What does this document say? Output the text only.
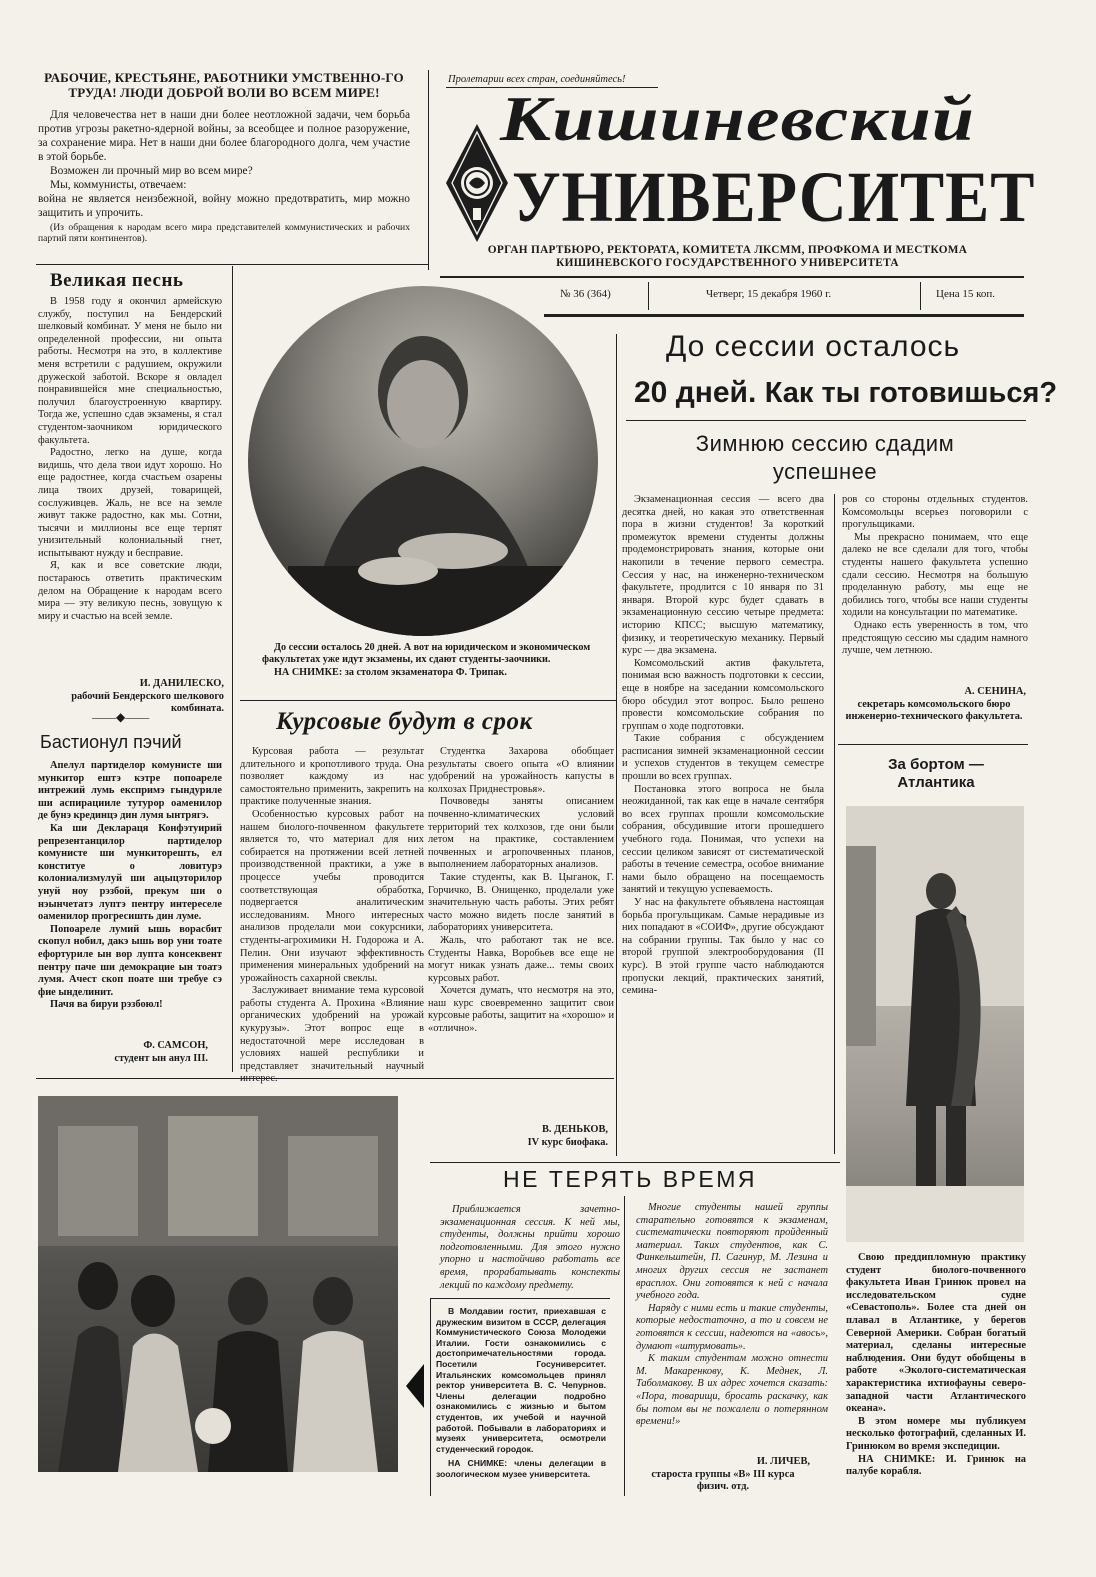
РАБОЧИЕ, КРЕСТЬЯНЕ, РАБОТНИКИ УМСТВЕННО-ГО ТРУДА! ЛЮДИ ДОБРОЙ ВОЛИ ВО ВСЕМ МИРЕ!

Для человечества нет в наши дни более неотложной задачи, чем борьба против угрозы ракетно-ядерной войны, за всеобщее и полное разоружение, за сохранение мира. Нет в наши дни более благородного долга, чем участие в этой борьбе.

Возможен ли прочный мир во всем мире?

Мы, коммунисты, отвечаем:

война не является неизбежной, войну можно предотвратить, мир можно защитить и упрочить.

(Из обращения к народам всего мира представителей коммунистических и рабочих партий пяти континентов).

Пролетарии всех стран, соединяйтесь!
Кишиневский
УНИВЕРСИТЕТ
ОРГАН ПАРТБЮРО, РЕКТОРАТА, КОМИТЕТА ЛКСММ, ПРОФКОМА И МЕСТКОМА КИШИНЕВСКОГО ГОСУДАРСТВЕННОГО УНИВЕРСИТЕТА
№ 36 (364)	Четверг, 15 декабря 1960 г.	Цена 15 коп.
Великая песнь

В 1958 году я окончил армейскую службу, поступил на Бендерский шелковый комбинат. У меня не было ни определенной профессии, ни опыта работы. Несмотря на это, в коллективе меня встретили с радушием, окружили дружеской заботой. Вскоре я овладел понравившейся мне специальностью, получил благоустроенную квартиру. Тогда же, успешно сдав экзамены, я стал студентом-заочником юридического факультета.

Радостно, легко на душе, когда видишь, что дела твои идут хорошо. Но еще радостнее, когда счастьем озарены лица твоих друзей, товарищей, сослуживцев. Жаль, не все на земле живут также радостно, как мы. Сотни, тысячи и миллионы все еще терпят унизительный колониальный гнет, испытывают нужду и бесправие.

Я, как и все советские люди, постараюсь ответить практическим делом на Обращение к народам всего мира — эту великую песнь, зовущую к миру и счастью на всей земле.

И. ДАНИЛЕСКО,
рабочий Бендерского шелкового комбината.
——◆——
Бастионул пэчий

Апелул партиделор комунисте ши мункитор ештэ кэтре попоареле интрежий лумь експримэ гындуриле ши аспирацииле тутурор оаменилор де бунэ крединцэ дин лумя ынтрягэ.

Ка ши Деклараця Конфэтуирий репрезентанцилор партиделор комунисте ши мункиторешть, ел конституе о ловитурэ колониализмулуй ши ацыцэторилор унуй ноу рэзбой, прекум ши о нэынчетатэ луптэ пентру интереселе оаменилор прогресишть дин луме.

Попоареле лумий ышь ворасбит скопул нобил, дакэ ышь вор уни тоате ефортуриле ын вор лупта консеквент пентру паче ши демокрацие ын тоатэ лумя. Ачест скоп поате ши требуе сэ фие ынделинит.

Пачя ва бируи рэзбоюл!

Ф. САМСОН,
студент ын анул III.
До сессии осталось 20 дней. А вот на юридическом и экономическом факультетах уже идут экзамены, их сдают студенты-заочники.
НА СНИМКЕ: за столом экзаменатора Ф. Трипак.
До сессии осталось
20 дней. Как ты готовишься?
Зимнюю сессию сдадим
успешнее

Экзаменационная сессия — всего два десятка дней, но какая это ответственная пора в жизни студентов! За короткий промежуток времени студенты должны продемонстрировать знания, которые они накопили в течение первого семестра. Сессия у нас, на инженерно-техническом факультете, продлится с 10 января по 31 января. Второй курс будет сдавать в экзаменационную сессию четыре предмета: историю КПСС; высшую математику, физику, и теоретическую механику. Первый курс — два экзамена.

Комсомольский актив факультета, понимая всю важность подготовки к сессии, еще в ноябре на заседании комсомольского бюро обсудил этот вопрос. Было решено провести комсомольские собрания по группам о ходе подготовки.

Такие собрания с обсуждением расписания зимней экзаменационной сессии и успехов студентов в текущем семестре прошли во всех группах.

Постановка этого вопроса не была неожиданной, так как еще в начале сентября во всех группах прошли комсомольские собрания, обсудившие итоги прошедшего учебного года. Понимая, что успехи на сессии целиком зависят от систематической работы в течение семестра, особое внимание нами было обращено на посещаемость занятий и текущую успеваемость.

У нас на факультете объявлена настоящая борьба прогульщикам. Самые нерадивые из них попадают в «СОИФ», другие обсуждают на собрании группы. Так было у нас со второй группой электрооборудования (II курс). В этой группе часто наблюдаются пропуски лекций, практических занятий, семина-

ров со стороны отдельных студентов. Комсомольцы всерьез поговорили с прогульщиками.

Мы прекрасно понимаем, что еще далеко не все сделали для того, чтобы студенты нашего факультета успешно сдали сессию. Несмотря на большую проделанную работу, мы еще не добились того, чтобы все наши студенты ходили на консультации по математике.

Однако есть уверенность в том, что предстоящую сессию мы сдадим намного лучше, чем летнюю.

А. СЕНИНА,
секретарь комсомольского бюро инженерно-технического факультета.
Курсовые будут в срок

Курсовая работа — результат длительного и кропотливого труда. Она позволяет каждому из нас самостоятельно применить, закрепить на практике полученные знания.

Особенностью курсовых работ на нашем биолого-почвенном факультете является то, что материал для них собирается на протяжении всей летней производственной практики, а уже в процессе учебы проводится соответствующая обработка, подвергается аналитическим исследованиям. Много интересных анализов проделали мои сокурсники, студенты-агрохимики Н. Годорожа и А. Пелин. Они изучают эффективность применения минеральных удобрений на урожайность сахарной свеклы.

Заслуживает внимание тема курсовой работы студента А. Прохина «Влияние органических удобрений на урожай кукурузы». Этот вопрос еще в недостаточной мере исследован в условиях нашей республики и представляет значительный научный

Студентка Захарова обобщает результаты своего опыта «О влиянии удобрений на урожайность капусты в колхозах Приднестровья».

Почвоведы заняты описанием почвенно-климатических условий территорий тех колхозов, где они были летом на практике, составлением почвенных и агропочвенных планов, выполнением лабораторных анализов.

Такие студенты, как В. Цыганок, Г. Горчичко, В. Онищенко, проделали уже значительную часть работы. Этих ребят часто можно видеть после занятий в лабораториях университета.

Жаль, что работают так не все. Студенты Навка, Воробьев все еще не могут никак узнать даже... темы своих курсовых работ.

Хочется думать, что несмотря на это, наш курс своевременно защитит свои курсовые работы, защитит на «хорошо» и «отлично».

В. ДЕНЬКОВ,
IV курс биофака.
За бортом —
Атлантика

Свою преддипломную практику студент биолого-почвенного факультета Иван Гринюк провел на исследовательском судне «Севастополь». Более ста дней он плавал в Атлантике, у берегов Северной Америки. Собран богатый материал, сделаны интересные наблюдения. Они будут обобщены в работе «Эколого-систематическая характеристика ихтиофауны северо-западной части Атлантического океана».

В этом номере мы публикуем несколько фотографий, сделанных И. Гринюком во время экспедиции.

НА СНИМКЕ: И. Гринюк на палубе корабля.

В Молдавии гостит, приехавшая с дружеским визитом в СССР, делегация Коммунистического Союза Молодежи Италии. Гости ознакомились с достопримечательностями города. Посетили Госуниверситет. Итальянских комсомольцев принял ректор университета В. С. Чепурнов. Члены делегации подробно ознакомились с жизнью и бытом студентов, их учебой и научной работой. Побывали в лабораториях и музеях университета, осмотрели студенческий городок.

НА СНИМКЕ: члены делегации в зоологическом музее университета.

НЕ ТЕРЯТЬ ВРЕМЯ

Приближается зачетно-экзаменационная сессия. К ней мы, студенты, должны прийти хорошо подготовленными. Для этого нужно упорно и настойчиво работать все время, прорабатывать конспекты лекций по каждому предмету.

Многие студенты нашей группы старательно готовятся к экзаменам, систематически повторяют пройденный материал. Таких студентов, как С. Финкельштейн, П. Сагинур, М. Лезина и многих других сессия не застанет врасплох. Они готовятся к ней с начала учебного года.

Наряду с ними есть и такие студенты, которые недостаточно, а то и совсем не готовятся к сессии, надеются на «авось», думают «штурмовать».

К таким студентам можно отнести М. Макаренкову, К. Меднек, Л. Таболмакову. В их адрес хочется сказать: «Пора, товарищи, бросать раскачку, как бы потом вы не пожалели о потерянном времени!»

И. ЛИЧЕВ,
староста группы «В» III курса физич. отд.
